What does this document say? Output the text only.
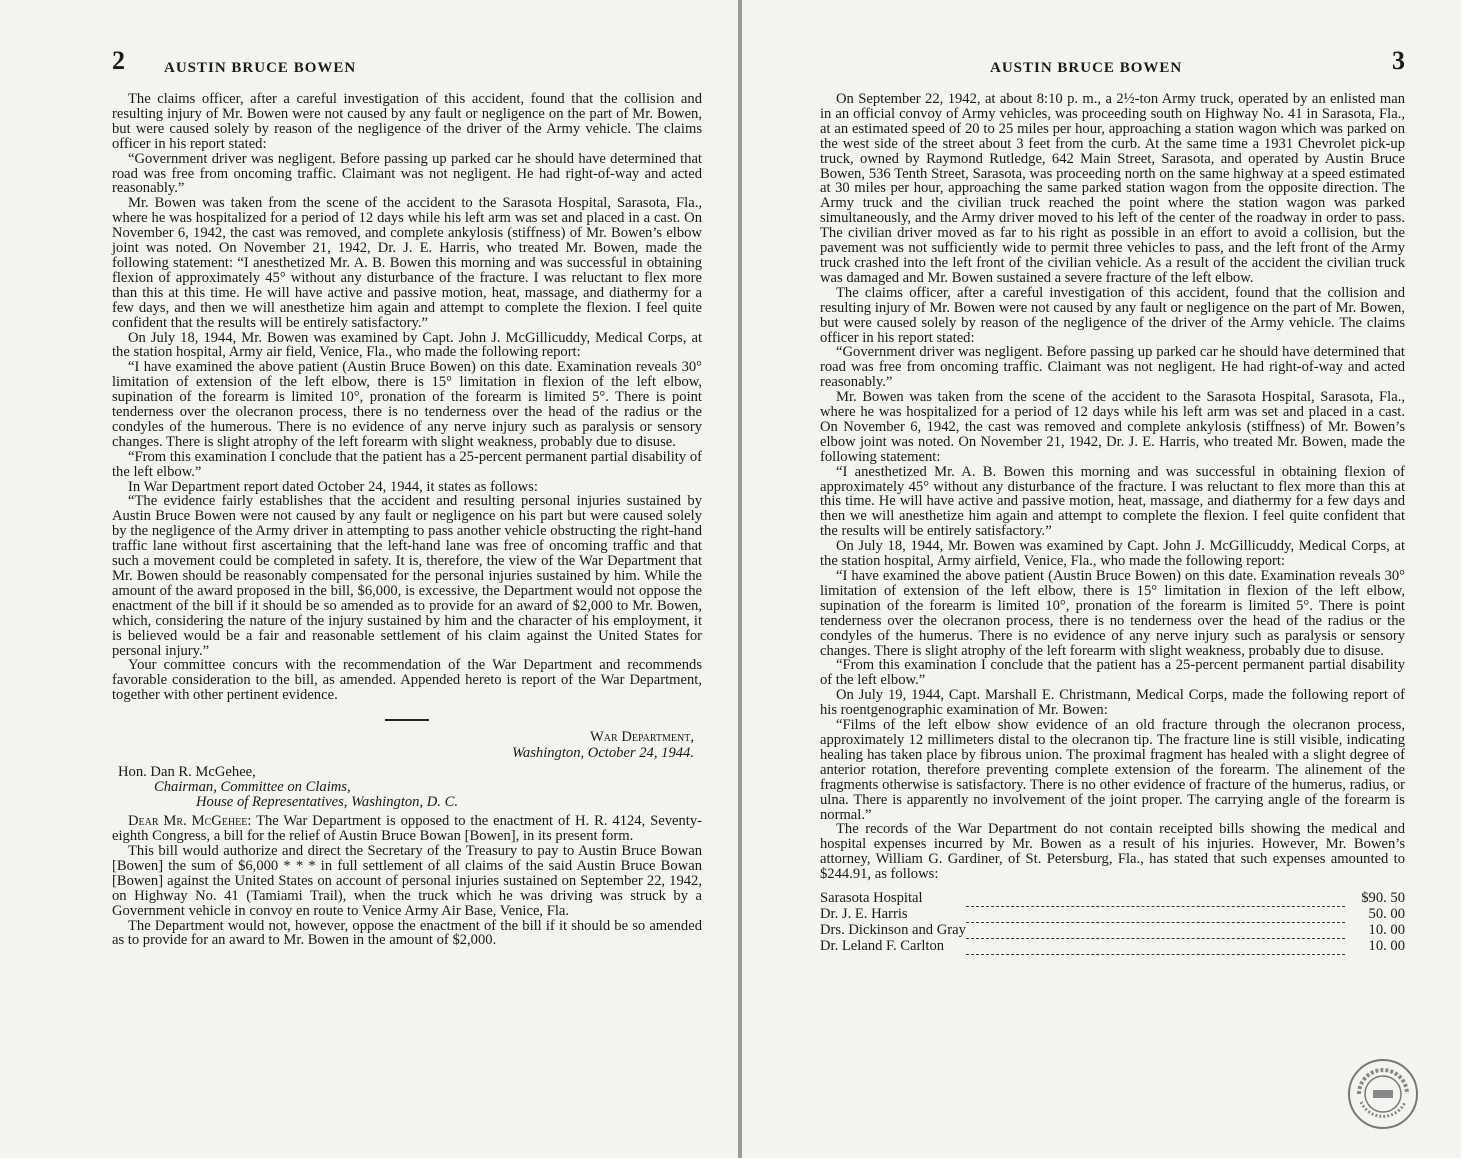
2	AUSTIN BRUCE BOWEN

The claims officer, after a careful investigation of this accident, found that the collision and resulting injury of Mr. Bowen were not caused by any fault or negligence on the part of Mr. Bowen, but were caused solely by reason of the negligence of the driver of the Army vehicle. The claims officer in his report stated:

“Government driver was negligent. Before passing up parked car he should have determined that road was free from oncoming traffic. Claimant was not negligent. He had right-of-way and acted reasonably.”

Mr. Bowen was taken from the scene of the accident to the Sarasota Hospital, Sarasota, Fla., where he was hospitalized for a period of 12 days while his left arm was set and placed in a cast. On November 6, 1942, the cast was removed, and complete ankylosis (stiffness) of Mr. Bowen’s elbow joint was noted. On November 21, 1942, Dr. J. E. Harris, who treated Mr. Bowen, made the following statement: “I anesthetized Mr. A. B. Bowen this morning and was successful in obtaining flexion of approximately 45° without any disturbance of the fracture. I was reluctant to flex more than this at this time. He will have active and passive motion, heat, massage, and diathermy for a few days, and then we will anesthetize him again and attempt to complete the flexion. I feel quite confident that the results will be entirely satisfactory.”

On July 18, 1944, Mr. Bowen was examined by Capt. John J. McGillicuddy, Medical Corps, at the station hospital, Army air field, Venice, Fla., who made the following report:

“I have examined the above patient (Austin Bruce Bowen) on this date. Examination reveals 30° limitation of extension of the left elbow, there is 15° limitation in flexion of the left elbow, supination of the forearm is limited 10°, pronation of the forearm is limited 5°. There is point tenderness over the olecranon process, there is no tenderness over the head of the radius or the condyles of the humerous. There is no evidence of any nerve injury such as paralysis or sensory changes. There is slight atrophy of the left forearm with slight weakness, probably due to disuse.

“From this examination I conclude that the patient has a 25-percent permanent partial disability of the left elbow.”

In War Department report dated October 24, 1944, it states as follows:

“The evidence fairly establishes that the accident and resulting personal injuries sustained by Austin Bruce Bowen were not caused by any fault or negligence on his part but were caused solely by the negligence of the Army driver in attempting to pass another vehicle obstructing the right-hand traffic lane without first ascertaining that the left-hand lane was free of oncoming traffic and that such a movement could be completed in safety. It is, therefore, the view of the War Department that Mr. Bowen should be reasonably compensated for the personal injuries sustained by him. While the amount of the award proposed in the bill, $6,000, is excessive, the Department would not oppose the enactment of the bill if it should be so amended as to provide for an award of $2,000 to Mr. Bowen, which, considering the nature of the injury sustained by him and the character of his employment, it is believed would be a fair and reasonable settlement of his claim against the United States for personal injury.”

Your committee concurs with the recommendation of the War Department and recommends favorable consideration to the bill, as amended. Appended hereto is report of the War Department, together with other pertinent evidence.

War Department,
Washington, October 24, 1944.
Hon. Dan R. McGehee,
Chairman, Committee on Claims,
House of Representatives, Washington, D. C.

Dear Mr. McGehee: The War Department is opposed to the enactment of H. R. 4124, Seventy-eighth Congress, a bill for the relief of Austin Bruce Bowan [Bowen], in its present form.

This bill would authorize and direct the Secretary of the Treasury to pay to Austin Bruce Bowan [Bowen] the sum of $6,000 * * * in full settlement of all claims of the said Austin Bruce Bowan [Bowen] against the United States on account of personal injuries sustained on September 22, 1942, on Highway No. 41 (Tamiami Trail), when the truck which he was driving was struck by a Government vehicle in convoy en route to Venice Army Air Base, Venice, Fla.

The Department would not, however, oppose the enactment of the bill if it should be so amended as to provide for an award to Mr. Bowen in the amount of $2,000.

AUSTIN BRUCE BOWEN	3

On September 22, 1942, at about 8:10 p. m., a 2½-ton Army truck, operated by an enlisted man in an official convoy of Army vehicles, was proceeding south on Highway No. 41 in Sarasota, Fla., at an estimated speed of 20 to 25 miles per hour, approaching a station wagon which was parked on the west side of the street about 3 feet from the curb. At the same time a 1931 Chevrolet pick-up truck, owned by Raymond Rutledge, 642 Main Street, Sarasota, and operated by Austin Bruce Bowen, 536 Tenth Street, Sarasota, was proceeding north on the same highway at a speed estimated at 30 miles per hour, approaching the same parked station wagon from the opposite direction. The Army truck and the civilian truck reached the point where the station wagon was parked simultaneously, and the Army driver moved to his left of the center of the roadway in order to pass. The civilian driver moved as far to his right as possible in an effort to avoid a collision, but the pavement was not sufficiently wide to permit three vehicles to pass, and the left front of the Army truck crashed into the left front of the civilian vehicle. As a result of the accident the civilian truck was damaged and Mr. Bowen sustained a severe fracture of the left elbow.

The claims officer, after a careful investigation of this accident, found that the collision and resulting injury of Mr. Bowen were not caused by any fault or negligence on the part of Mr. Bowen, but were caused solely by reason of the negligence of the driver of the Army vehicle. The claims officer in his report stated:

“Government driver was negligent. Before passing up parked car he should have determined that road was free from oncoming traffic. Claimant was not negligent. He had right-of-way and acted reasonably.”

Mr. Bowen was taken from the scene of the accident to the Sarasota Hospital, Sarasota, Fla., where he was hospitalized for a period of 12 days while his left arm was set and placed in a cast. On November 6, 1942, the cast was removed and complete ankylosis (stiffness) of Mr. Bowen’s elbow joint was noted. On November 21, 1942, Dr. J. E. Harris, who treated Mr. Bowen, made the following statement:

“I anesthetized Mr. A. B. Bowen this morning and was successful in obtaining flexion of approximately 45° without any disturbance of the fracture. I was reluctant to flex more than this at this time. He will have active and passive motion, heat, massage, and diathermy for a few days and then we will anesthetize him again and attempt to complete the flexion. I feel quite confident that the results will be entirely satisfactory.”

On July 18, 1944, Mr. Bowen was examined by Capt. John J. McGillicuddy, Medical Corps, at the station hospital, Army airfield, Venice, Fla., who made the following report:

“I have examined the above patient (Austin Bruce Bowen) on this date. Examination reveals 30° limitation of extension of the left elbow, there is 15° limitation in flexion of the left elbow, supination of the forearm is limited 10°, pronation of the forearm is limited 5°. There is point tenderness over the olecranon process, there is no tenderness over the head of the radius or the condyles of the humerus. There is no evidence of any nerve injury such as paralysis or sensory changes. There is slight atrophy of the left forearm with slight weakness, probably due to disuse.

“From this examination I conclude that the patient has a 25-percent permanent partial disability of the left elbow.”

On July 19, 1944, Capt. Marshall E. Christmann, Medical Corps, made the following report of his roentgenographic examination of Mr. Bowen:

“Films of the left elbow show evidence of an old fracture through the olecranon process, approximately 12 millimeters distal to the olecranon tip. The fracture line is still visible, indicating healing has taken place by fibrous union. The proximal fragment has healed with a slight degree of anterior rotation, therefore preventing complete extension of the forearm. The alinement of the fragments otherwise is satisfactory. There is no other evidence of fracture of the humerus, radius, or ulna. There is apparently no involvement of the joint proper. The carrying angle of the forearm is normal.”

The records of the War Department do not contain receipted bills showing the medical and hospital expenses incurred by Mr. Bowen as a result of his injuries. However, Mr. Bowen’s attorney, William G. Gardiner, of St. Petersburg, Fla., has stated that such expenses amounted to $244.91, as follows:

Sarasota Hospital		$90. 50
Dr. J. E. Harris		50. 00
Drs. Dickinson and Gray		10. 00
Dr. Leland F. Carlton		10. 00
